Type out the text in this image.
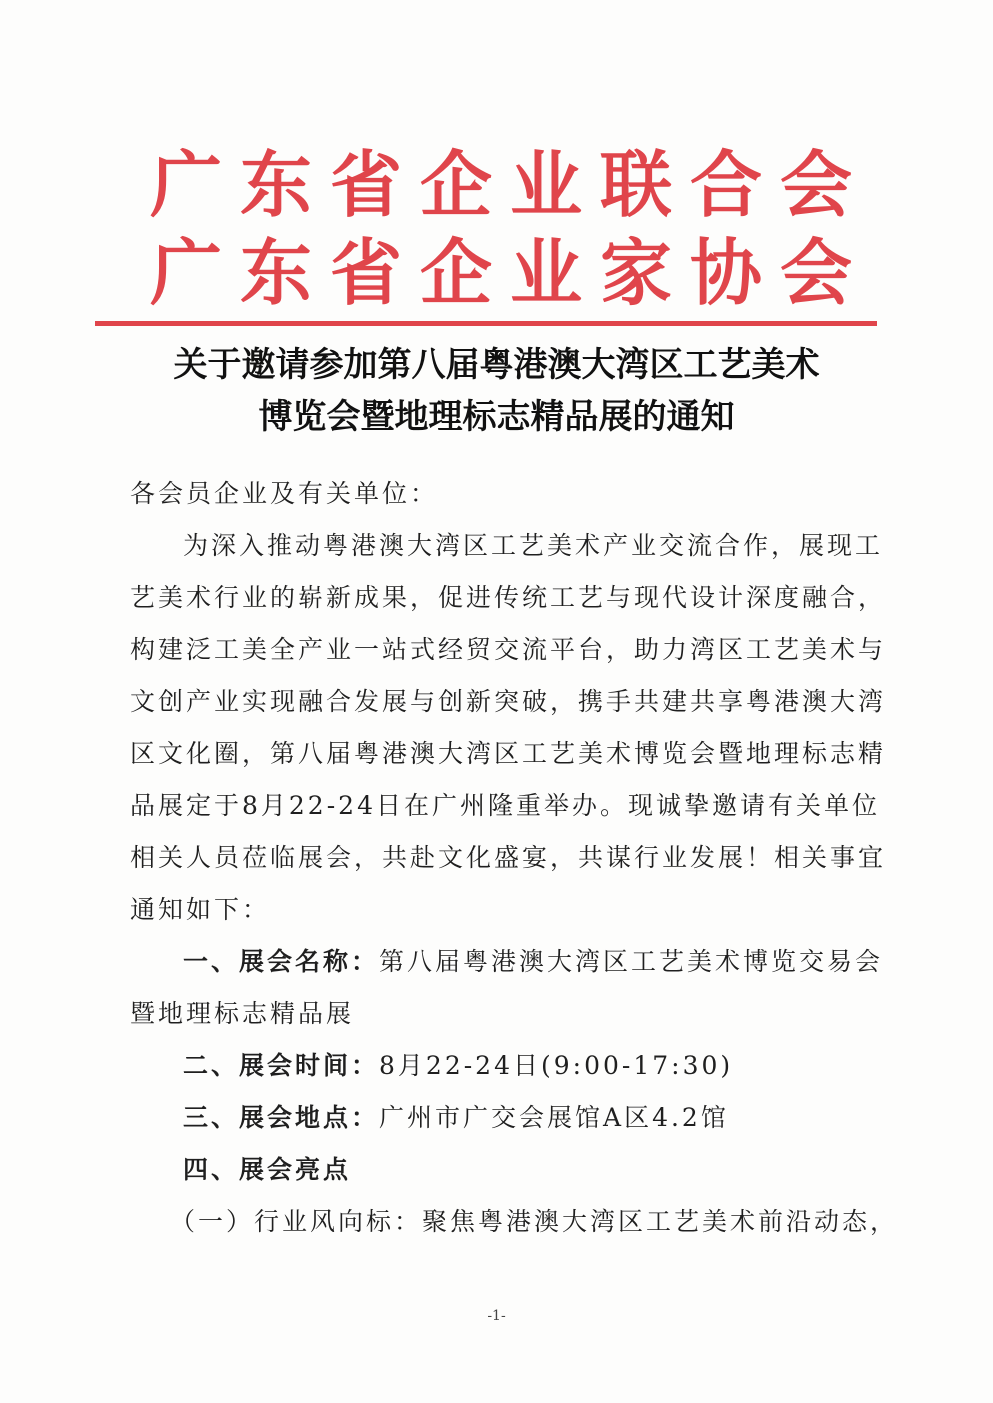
广东省企业联合会
广东省企业家协会
关于邀请参加第八届粤港澳大湾区工艺美术
博览会暨地理标志精品展的通知
各会员企业及有关单位：
为深入推动粤港澳大湾区工艺美术产业交流合作，展现工
艺美术行业的崭新成果，促进传统工艺与现代设计深度融合，
构建泛工美全产业一站式经贸交流平台，助力湾区工艺美术与
文创产业实现融合发展与创新突破，携手共建共享粤港澳大湾
区文化圈，第八届粤港澳大湾区工艺美术博览会暨地理标志精
品展定于8月22-24日在广州隆重举办。现诚挚邀请有关单位
相关人员莅临展会，共赴文化盛宴，共谋行业发展！相关事宜
通知如下：
一、展会名称：第八届粤港澳大湾区工艺美术博览交易会
暨地理标志精品展
二、展会时间：8月22-24日(9:00-17:30)
三、展会地点：广州市广交会展馆A区4.2馆
四、展会亮点
（一）行业风向标：聚焦粤港澳大湾区工艺美术前沿动态，
-1-
